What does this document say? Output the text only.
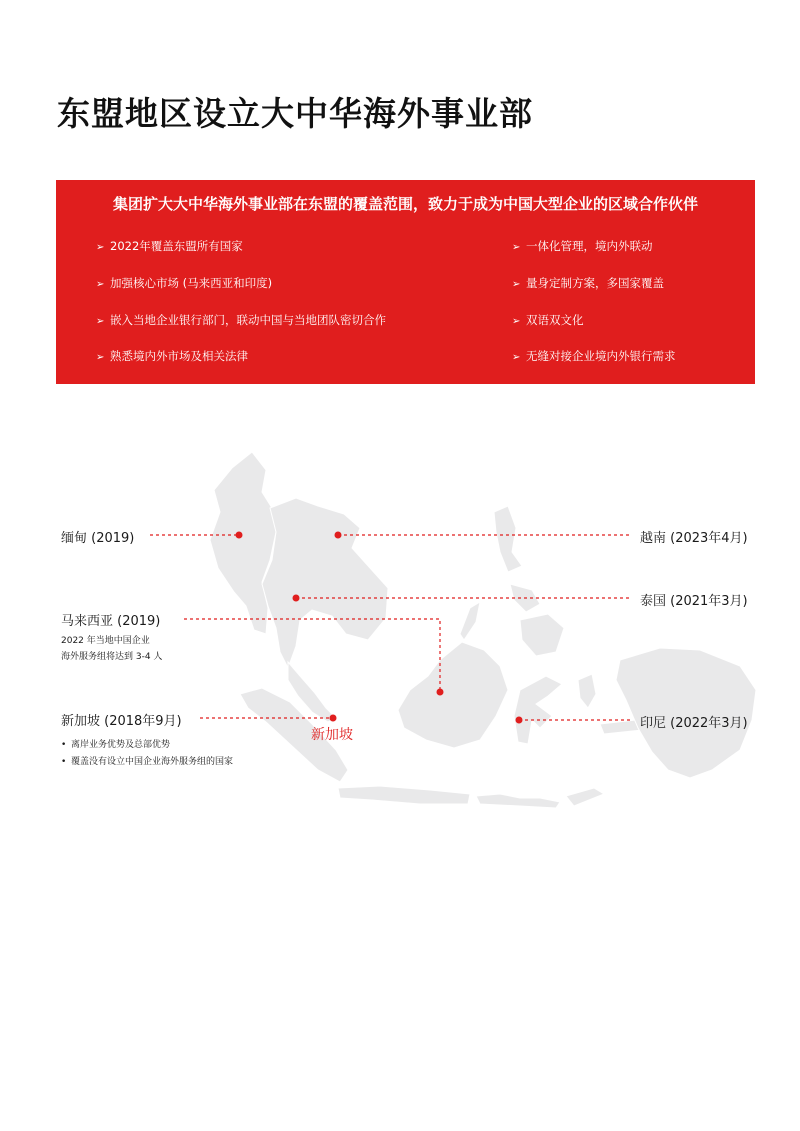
东盟地区设立大中华海外事业部
集团扩大大中华海外事业部在东盟的覆盖范围，致力于成为中国大型企业的区域合作伙伴
➢ 2022年覆盖东盟所有国家
➢ 加强核心市场 (马来西亚和印度)
➢ 嵌入当地企业银行部门，联动中国与当地团队密切合作
➢ 熟悉境内外市场及相关法律
➢ 一体化管理，境内外联动
➢ 量身定制方案，多国家覆盖
➢ 双语双文化
➢ 无缝对接企业境内外银行需求
缅甸 (2019)	越南 (2023年4月)
泰国 (2021年3月)
马来西亚 (2019)
新加坡 (2018年9月)	印尼 (2022年3月)
2022 年当地中国企业
海外服务组将达到 3-4 人
• 离岸业务优势及总部优势
• 覆盖没有设立中国企业海外服务组的国家
新加坡
